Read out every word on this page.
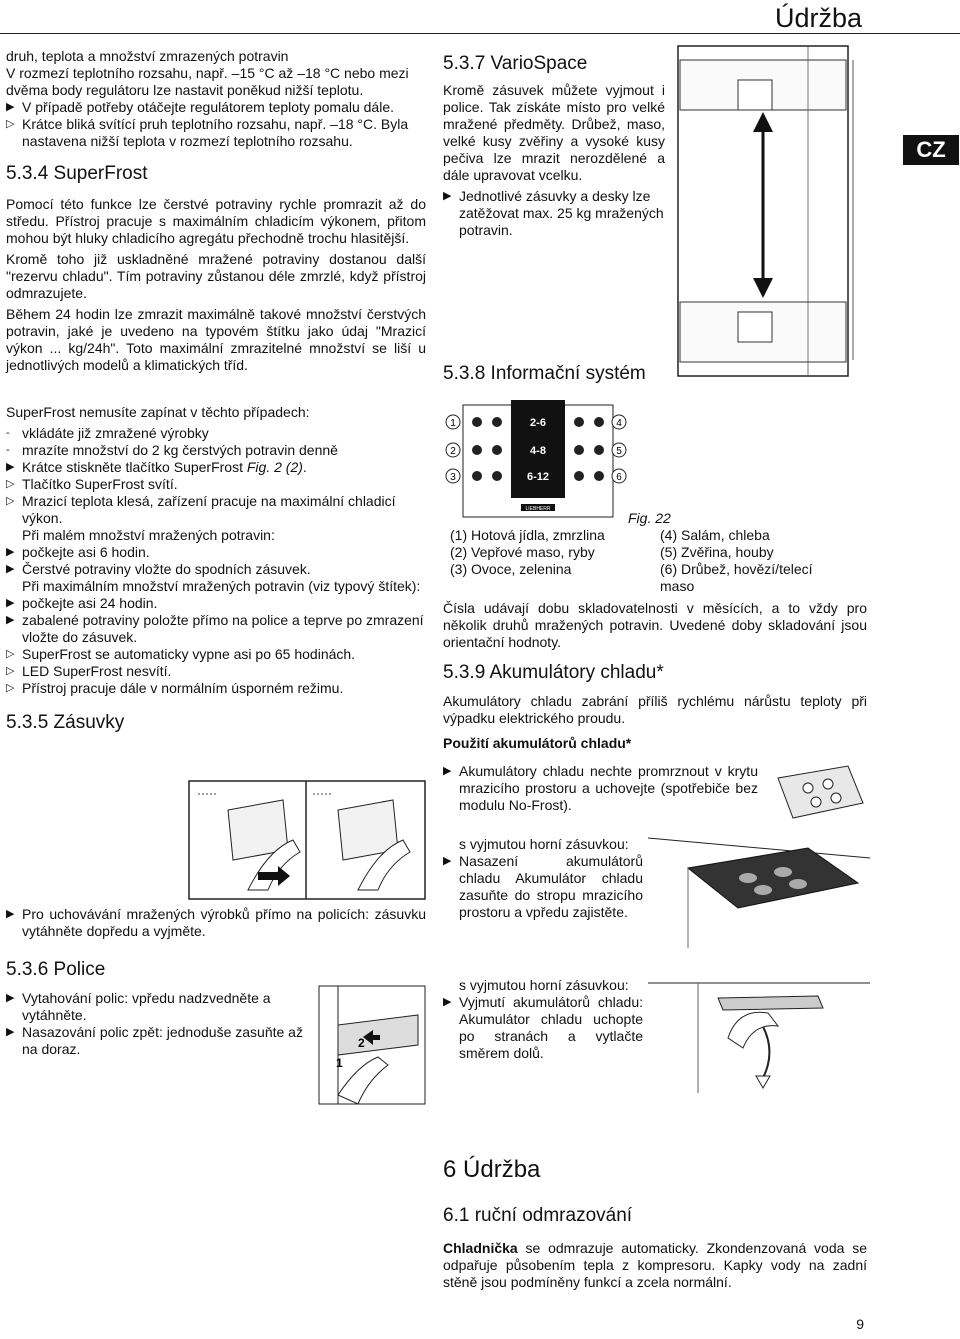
Údržba
CZ

druh, teplota a množství zmrazených potravin

V rozmezí teplotního rozsahu, např. –15 °C až –18 °C nebo mezi dvěma body regulátoru lze nastavit poněkud nižší teplotu.

▶ V případě potřeby otáčejte regulátorem teploty pomalu dále.
▷ Krátce bliká svítící pruh teplotního rozsahu, např. –18 °C. Byla nastavena nižší teplota v rozmezí teplotního rozsahu.
5.3.4 SuperFrost

Pomocí této funkce lze čerstvé potraviny rychle promrazit až do středu. Přístroj pracuje s maximálním chladicím výkonem, přitom mohou být hluky chladicího agregátu přechodně trochu hlasitější.

Kromě toho již uskladněné mražené potraviny dostanou další "rezervu chladu". Tím potraviny zůstanou déle zmrzlé, když přístroj odmrazujete.

Během 24 hodin lze zmrazit maximálně takové množství čerstvých potravin, jaké je uvedeno na typovém štítku jako údaj "Mrazicí výkon ... kg/24h". Toto maximální zmrazitelné množství se liší u jednotlivých modelů a klimatických tříd.

SuperFrost nemusíte zapínat v těchto případech:

- vkládáte již zmražené výrobky
- mrazíte množství do 2 kg čerstvých potravin denně
▶ Krátce stiskněte tlačítko SuperFrost Fig. 2 (2).
▷ Tlačítko SuperFrost svítí.
▷ Mrazicí teplota klesá, zařízení pracuje na maximální chladicí výkon.
Při malém množství mražených potravin:
▶ počkejte asi 6 hodin.
▶ Čerstvé potraviny vložte do spodních zásuvek.
Při maximálním množství mražených potravin (viz typový štítek):
▶ počkejte asi 24 hodin.
▶ zabalené potraviny položte přímo na police a teprve po zmrazení vložte do zásuvek.
▷ SuperFrost se automaticky vypne asi po 65 hodinách.
▷ LED SuperFrost nesvítí.
▷ Přístroj pracuje dále v normálním úsporném režimu.
5.3.5 Zásuvky
▶ Pro uchovávání mražených výrobků přímo na policích: zásuvku vytáhněte dopředu a vyjměte.
5.3.6 Police
▶ Vytahování polic: vpředu nadzvedněte a vytáhněte.
▶ Nasazování polic zpět: jednoduše zasuňte až na doraz.	2
1
5.3.7 VarioSpace

Kromě zásuvek můžete vyjmout i police. Tak získáte místo pro velké mražené předměty. Drůbež, maso, velké kusy zvěřiny a vysoké kusy pečiva lze mrazit nerozdělené a dále upravovat vcelku.

▶ Jednotlivé zásuvky a desky lze zatěžovat max. 25 kg mražených potravin.
5.3.8 Informační systém
1
2
3
4
5
6
2-6
4-8
6-12
LIEBHERR
Fig. 22
(1) Hotová jídla, zmrzlina
(2) Vepřové maso, ryby
(3) Ovoce, zelenina
(4) Salám, chleba
(5) Zvěřina, houby
(6) Drůbež, hovězí/telecí maso

Čísla udávají dobu skladovatelnosti v měsících, a to vždy pro několik druhů mražených potravin. Uvedené doby skladování jsou orientační hodnoty.

5.3.9 Akumulátory chladu*

Akumulátory chladu zabrání příliš rychlému nárůstu teploty při výpadku elektrického proudu.

Použití akumulátorů chladu*

▶ Akumulátory chladu nechte promrznout v krytu mrazicího prostoru a uchovejte (spotřebiče bez modulu No-Frost).
s vyjmutou horní zásuvkou:
▶ Nasazení akumulátorů chladu Akumulátor chladu zasuňte do stropu mrazicího prostoru a vpředu zajistěte.
s vyjmutou horní zásuvkou:
▶ Vyjmutí akumulátorů chladu: Akumulátor chladu uchopte po stranách a vytlačte směrem dolů.
6 Údržba
6.1 ruční odmrazování

Chladnička se odmrazuje automaticky. Zkondenzovaná voda se odpařuje působením tepla z kompresoru. Kapky vody na zadní stěně jsou podmíněny funkcí a zcela normální.

9
